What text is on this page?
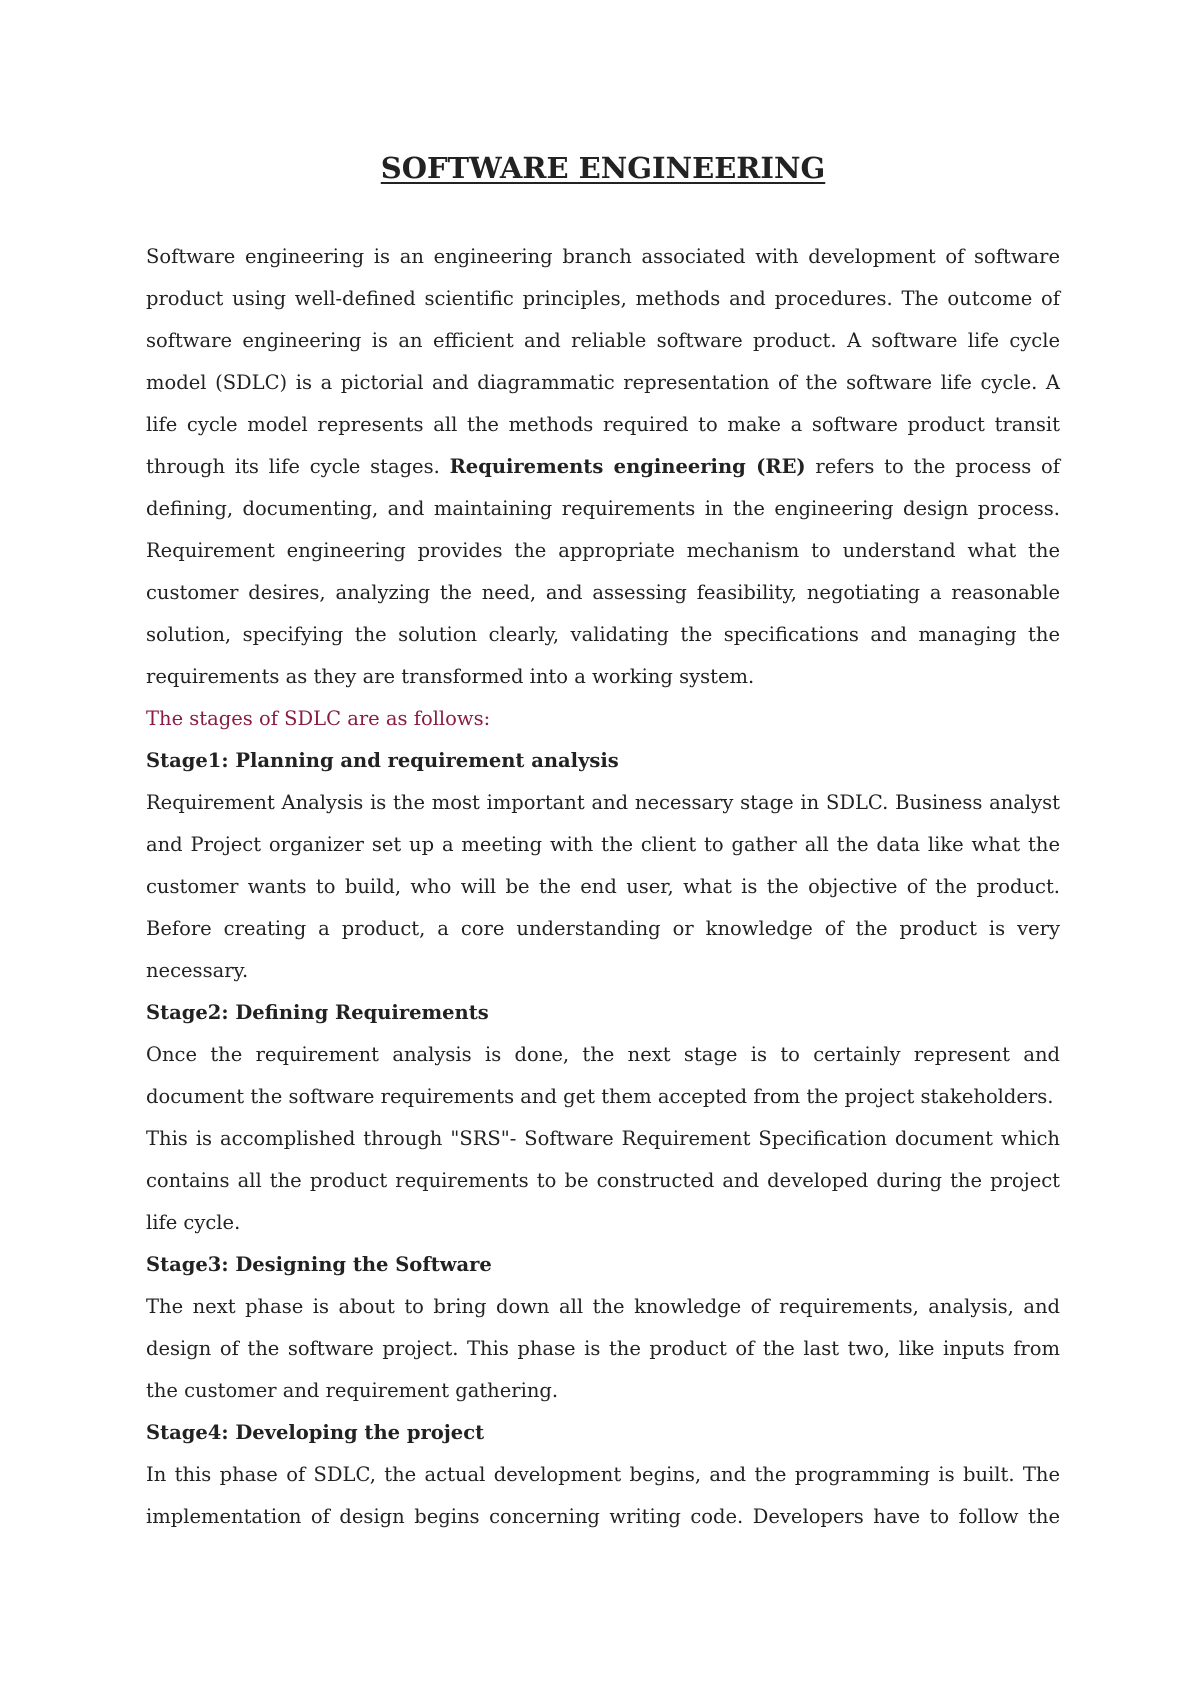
SOFTWARE ENGINEERING

Software engineering is an engineering branch associated with development of software product using well-defined scientific principles, methods and procedures. The outcome of software engineering is an efficient and reliable software product. A software life cycle model (SDLC) is a pictorial and diagrammatic representation of the software life cycle. A life cycle model represents all the methods required to make a software product transit through its life cycle stages. Requirements engineering (RE) refers to the process of defining, documenting, and maintaining requirements in the engineering design process. Requirement engineering provides the appropriate mechanism to understand what the customer desires, analyzing the need, and assessing feasibility, negotiating a reasonable solution, specifying the solution clearly, validating the specifications and managing the requirements as they are transformed into a working system.

The stages of SDLC are as follows:

Stage1: Planning and requirement analysis

Requirement Analysis is the most important and necessary stage in SDLC. Business analyst and Project organizer set up a meeting with the client to gather all the data like what the customer wants to build, who will be the end user, what is the objective of the product. Before creating a product, a core understanding or knowledge of the product is very necessary.

Stage2: Defining Requirements

Once the requirement analysis is done, the next stage is to certainly represent and document the software requirements and get them accepted from the project stakeholders.

This is accomplished through "SRS"- Software Requirement Specification document which contains all the product requirements to be constructed and developed during the project life cycle.

Stage3: Designing the Software

The next phase is about to bring down all the knowledge of requirements, analysis, and design of the software project. This phase is the product of the last two, like inputs from the customer and requirement gathering.

Stage4: Developing the project

In this phase of SDLC, the actual development begins, and the programming is built. The implementation of design begins concerning writing code. Developers have to follow the
